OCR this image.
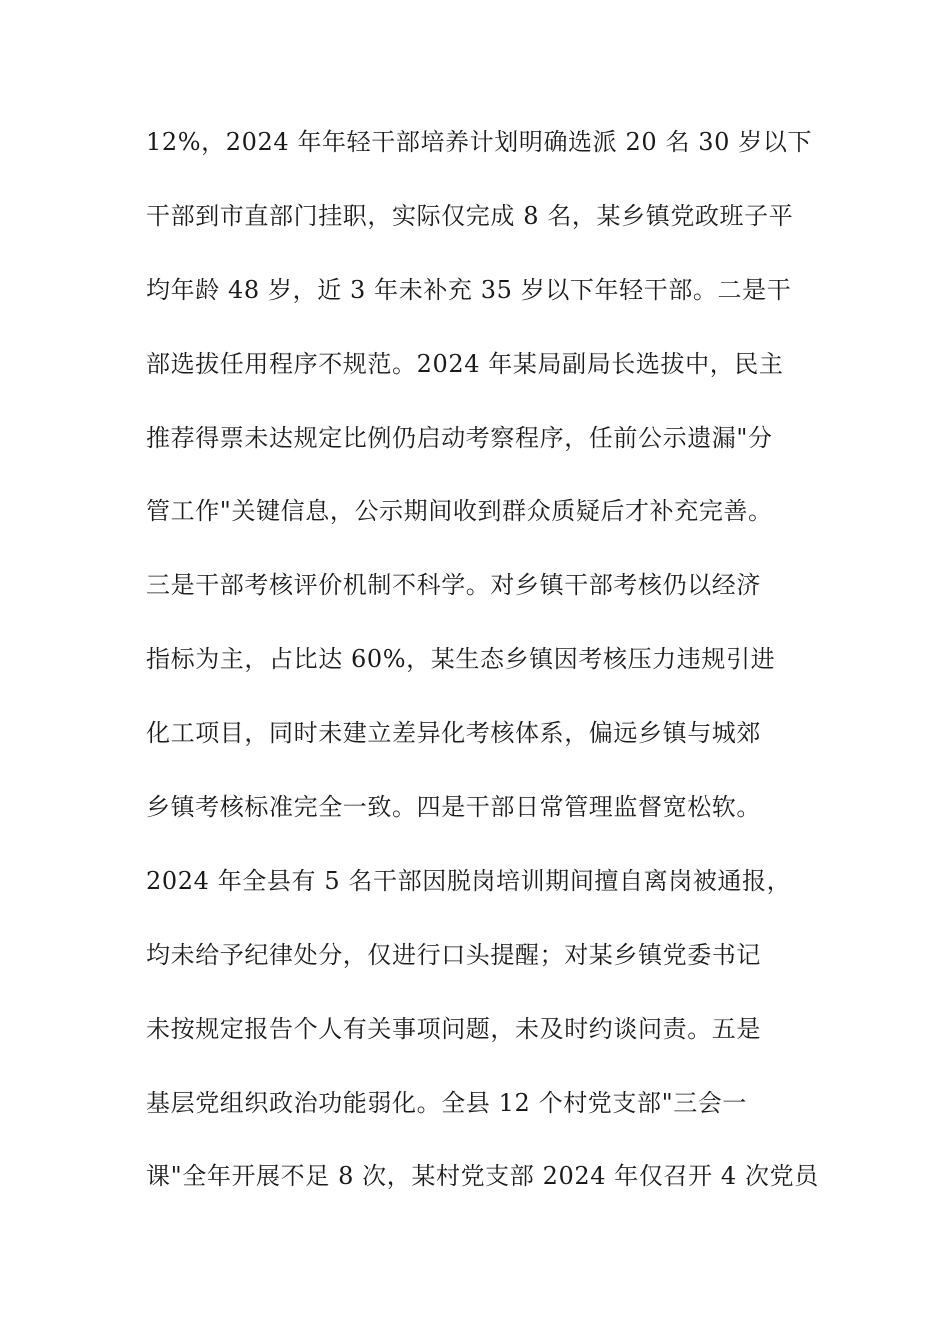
12%，2024 年年轻干部培养计划明确选派 20 名 30 岁以下
干部到市直部门挂职，实际仅完成 8 名，某乡镇党政班子平
均年龄 48 岁，近 3 年未补充 35 岁以下年轻干部。二是干
部选拔任用程序不规范。2024 年某局副局长选拔中，民主
推荐得票未达规定比例仍启动考察程序，任前公示遗漏"分
管工作"关键信息，公示期间收到群众质疑后才补充完善。
三是干部考核评价机制不科学。对乡镇干部考核仍以经济
指标为主，占比达 60%，某生态乡镇因考核压力违规引进
化工项目，同时未建立差异化考核体系，偏远乡镇与城郊
乡镇考核标准完全一致。四是干部日常管理监督宽松软。
2024 年全县有 5 名干部因脱岗培训期间擅自离岗被通报，
均未给予纪律处分，仅进行口头提醒；对某乡镇党委书记
未按规定报告个人有关事项问题，未及时约谈问责。五是
基层党组织政治功能弱化。全县 12 个村党支部"三会一
课"全年开展不足 8 次，某村党支部 2024 年仅召开 4 次党员
